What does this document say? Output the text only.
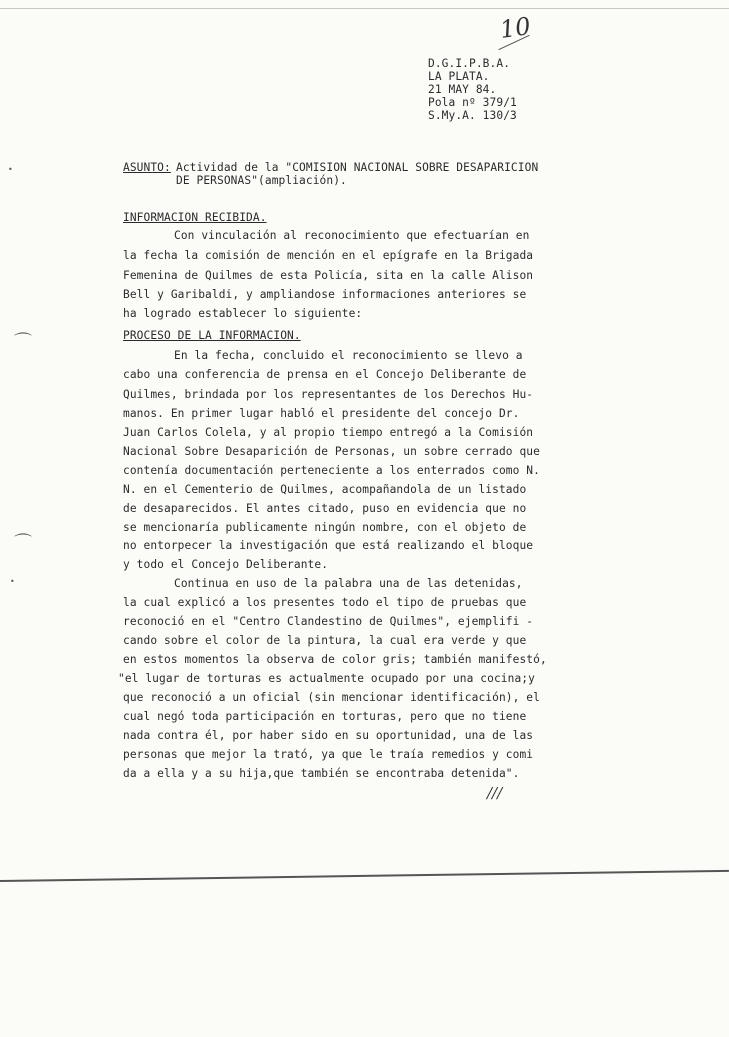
10
D.G.I.P.B.A.
LA PLATA.
21 MAY 84.
Pola nº 379/1
S.My.A. 130/3
ASUNTO: Actividad de la "COMISION NACIONAL SOBRE DESAPARICION
DE PERSONAS"(ampliación).
INFORMACION RECIBIDA.
Con vinculación al reconocimiento que efectuarían en
la fecha la comisión de mención en el epígrafe en la Brigada
Femenina de Quilmes de esta Policía, sita en la calle Alison
Bell y Garibaldi, y ampliandose informaciones anteriores se
ha logrado establecer lo siguiente:
PROCESO DE LA INFORMACION.
En la fecha, concluido el reconocimiento se llevo a
cabo una conferencia de prensa en el Concejo Deliberante de
Quilmes, brindada por los representantes de los Derechos Hu-
manos. En primer lugar habló el presidente del concejo Dr.
Juan Carlos Colela, y al propio tiempo entregó a la Comisión
Nacional Sobre Desaparición de Personas, un sobre cerrado que
contenía documentación perteneciente a los enterrados como N.
N. en el Cementerio de Quilmes, acompañandola de un listado
de desaparecidos. El antes citado, puso en evidencia que no
se mencionaría publicamente ningún nombre, con el objeto de
no entorpecer la investigación que está realizando el bloque
y todo el Concejo Deliberante.
Continua en uso de la palabra una de las detenidas,
la cual explicó a los presentes todo el tipo de pruebas que
reconoció en el "Centro Clandestino de Quilmes", ejemplifi -
cando sobre el color de la pintura, la cual era verde y que
en estos momentos la observa de color gris; también manifestó,
"el lugar de torturas es actualmente ocupado por una cocina;y
que reconoció a un oficial (sin mencionar identificación), el
cual negó toda participación en torturas, pero que no tiene
nada contra él, por haber sido en su oportunidad, una de las
personas que mejor la trató, ya que le traía remedios y comi
da a ella y a su hija,que también se encontraba detenida".
///
⌒
⌒
•
•
